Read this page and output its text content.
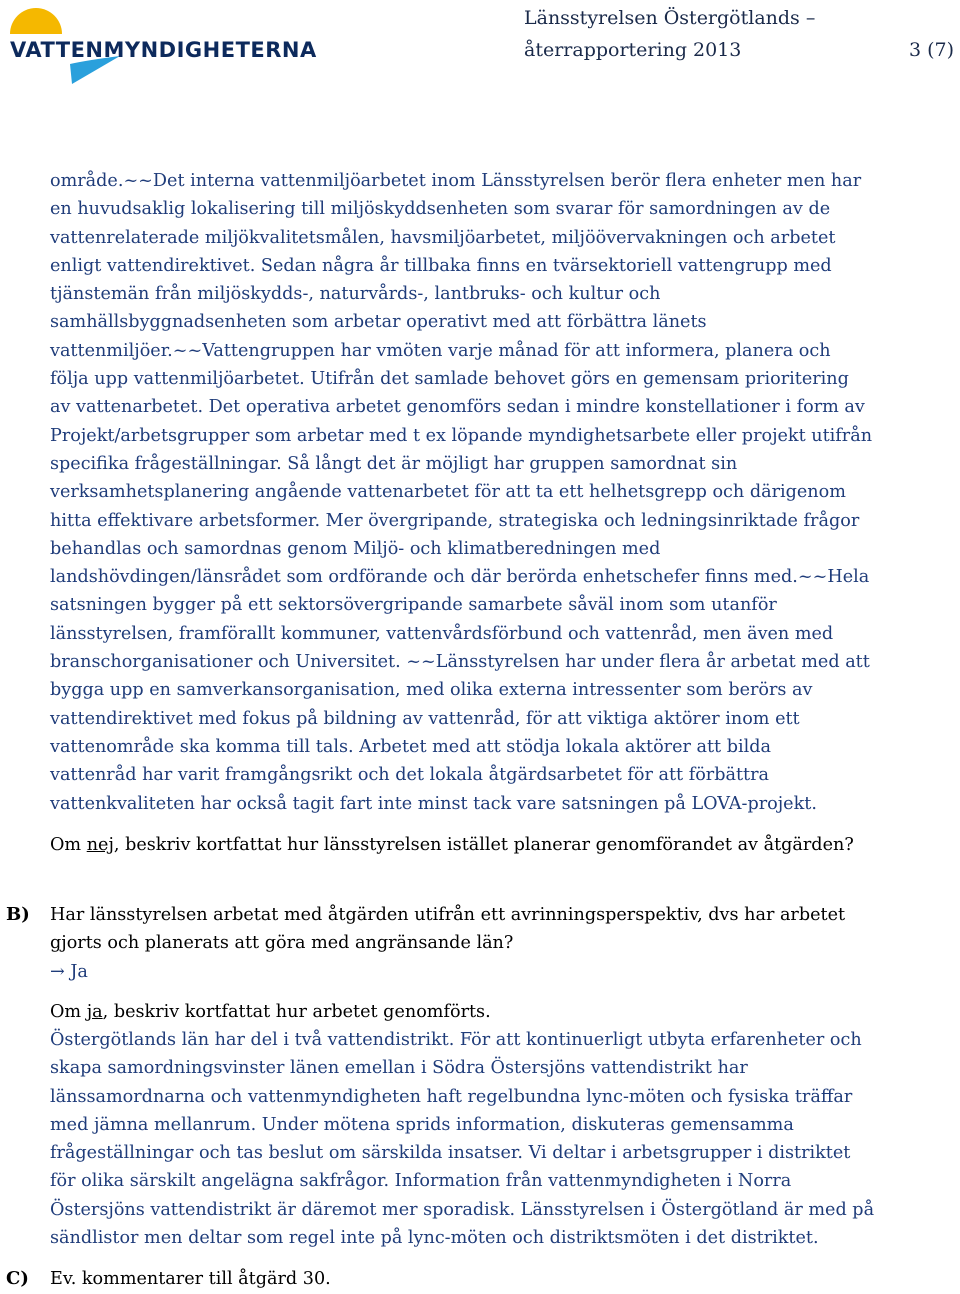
VATTENMYNDIGHETERNA
Länsstyrelsen Östergötlands –
återrapportering 2013	3 (7)
område.~~Det interna vattenmiljöarbetet inom Länsstyrelsen berör flera enheter men har
en huvudsaklig lokalisering till miljöskyddsenheten som svarar för samordningen av de
vattenrelaterade miljökvalitetsmålen, havsmiljöarbetet, miljöövervakningen och arbetet
enligt vattendirektivet. Sedan några år tillbaka finns en tvärsektoriell vattengrupp med
tjänstemän från miljöskydds-, naturvårds-, lantbruks- och kultur och
samhällsbyggnadsenheten som arbetar operativt med att förbättra länets
vattenmiljöer.~~Vattengruppen har vmöten varje månad för att informera, planera och
följa upp vattenmiljöarbetet. Utifrån det samlade behovet görs en gemensam prioritering
av vattenarbetet. Det operativa arbetet genomförs sedan i mindre konstellationer i form av
Projekt/arbetsgrupper som arbetar med t ex löpande myndighetsarbete eller projekt utifrån
specifika frågeställningar. Så långt det är möjligt har gruppen samordnat sin
verksamhetsplanering angående vattenarbetet för att ta ett helhetsgrepp och därigenom
hitta effektivare arbetsformer. Mer övergripande, strategiska och ledningsinriktade frågor
behandlas och samordnas genom Miljö- och klimatberedningen med
landshövdingen/länsrådet som ordförande och där berörda enhetschefer finns med.~~Hela
satsningen bygger på ett sektorsövergripande samarbete såväl inom som utanför
länsstyrelsen, framförallt kommuner, vattenvårdsförbund och vattenråd, men även med
branschorganisationer och Universitet. ~~Länsstyrelsen har under flera år arbetat med att
bygga upp en samverkansorganisation, med olika externa intressenter som berörs av
vattendirektivet med fokus på bildning av vattenråd, för att viktiga aktörer inom ett
vattenområde ska komma till tals. Arbetet med att stödja lokala aktörer att bilda
vattenråd har varit framgångsrikt och det lokala åtgärdsarbetet för att förbättra
vattenkvaliteten har också tagit fart inte minst tack vare satsningen på LOVA-projekt.
Om nej, beskriv kortfattat hur länsstyrelsen istället planerar genomförandet av åtgärden?
B) Har länsstyrelsen arbetat med åtgärden utifrån ett avrinningsperspektiv, dvs har arbetet
gjorts och planerats att göra med angränsande län?
→ Ja
Om ja, beskriv kortfattat hur arbetet genomförts.
Östergötlands län har del i två vattendistrikt. För att kontinuerligt utbyta erfarenheter och
skapa samordningsvinster länen emellan i Södra Östersjöns vattendistrikt har
länssamordnarna och vattenmyndigheten haft regelbundna lync-möten och fysiska träffar
med jämna mellanrum. Under mötena sprids information, diskuteras gemensamma
frågeställningar och tas beslut om särskilda insatser. Vi deltar i arbetsgrupper i distriktet
för olika särskilt angelägna sakfrågor. Information från vattenmyndigheten i Norra
Östersjöns vattendistrikt är däremot mer sporadisk. Länsstyrelsen i Östergötland är med på
sändlistor men deltar som regel inte på lync-möten och distriktsmöten i det distriktet.
C) Ev. kommentarer till åtgärd 30.
